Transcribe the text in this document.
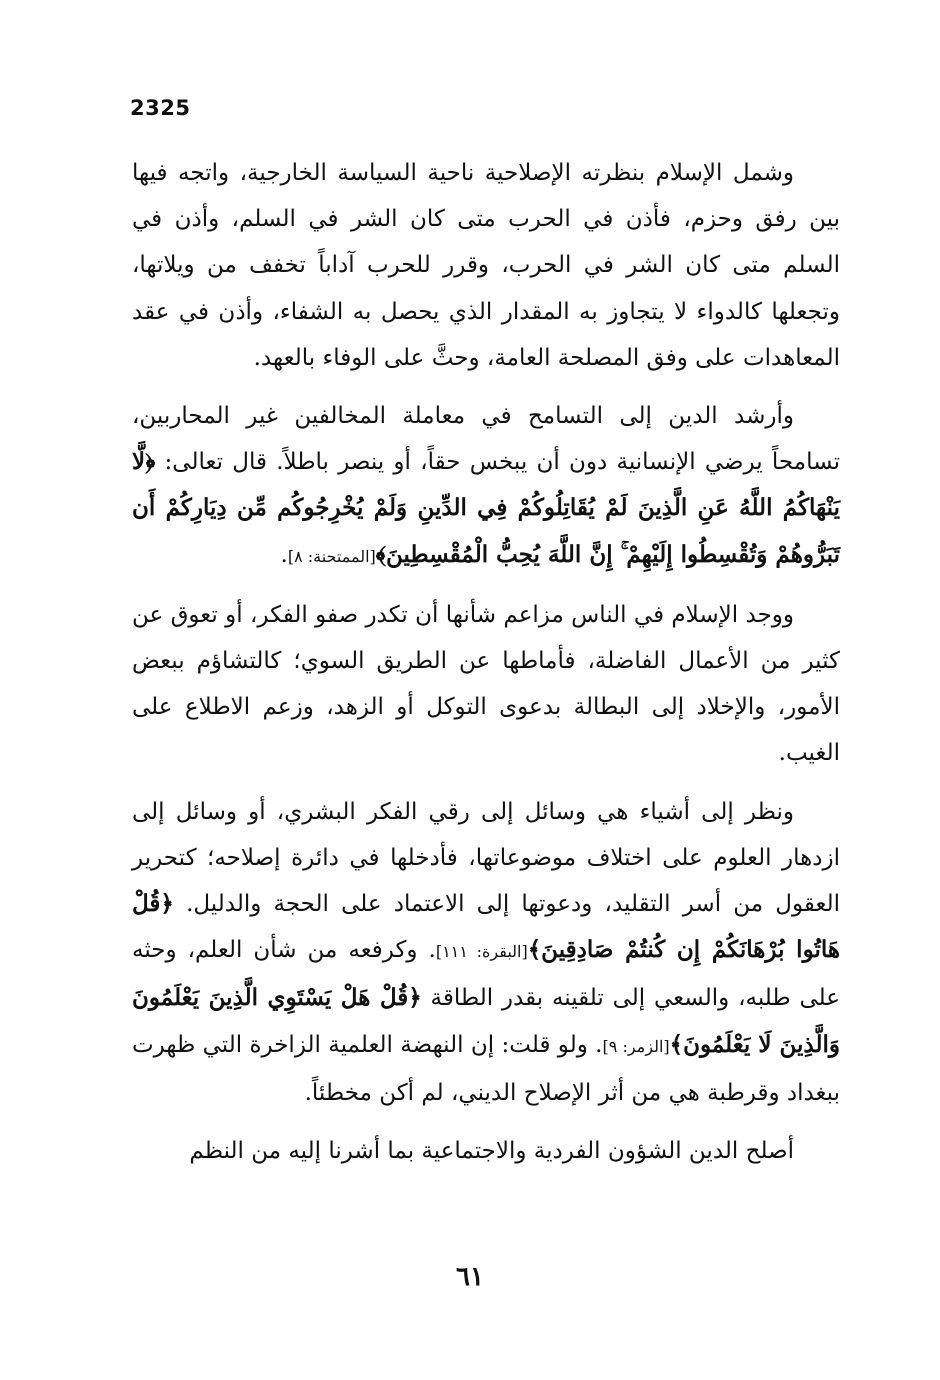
2325

وشمل الإسلام بنظرته الإصلاحية ناحية السياسة الخارجية، واتجه فيها بين رفق وحزم، فأذن في الحرب متى كان الشر في السلم، وأذن في السلم متى كان الشر في الحرب، وقرر للحرب آداباً تخفف من ويلاتها، وتجعلها كالدواء لا يتجاوز به المقدار الذي يحصل به الشفاء، وأذن في عقد المعاهدات على وفق المصلحة العامة، وحثَّ على الوفاء بالعهد.

وأرشد الدين إلى التسامح في معاملة المخالفين غير المحاربين، تسامحاً يرضي الإنسانية دون أن يبخس حقاً، أو ينصر باطلاً. قال تعالى: ﴿لَّا يَنْهَاكُمُ اللَّهُ عَنِ الَّذِينَ لَمْ يُقَاتِلُوكُمْ فِي الدِّينِ وَلَمْ يُخْرِجُوكُم مِّن دِيَارِكُمْ أَن تَبَرُّوهُمْ وَتُقْسِطُوا إِلَيْهِمْ ۚ إِنَّ اللَّهَ يُحِبُّ الْمُقْسِطِينَ﴾[الممتحنة: ٨].

ووجد الإسلام في الناس مزاعم شأنها أن تكدر صفو الفكر، أو تعوق عن كثير من الأعمال الفاضلة، فأماطها عن الطريق السوي؛ كالتشاؤم ببعض الأمور، والإخلاد إلى البطالة بدعوى التوكل أو الزهد، وزعم الاطلاع على الغيب.

ونظر إلى أشياء هي وسائل إلى رقي الفكر البشري، أو وسائل إلى ازدهار العلوم على اختلاف موضوعاتها، فأدخلها في دائرة إصلاحه؛ كتحرير العقول من أسر التقليد، ودعوتها إلى الاعتماد على الحجة والدليل. ﴿قُلْ هَاتُوا بُرْهَانَكُمْ إِن كُنتُمْ صَادِقِينَ﴾[البقرة: ١١١]. وكرفعه من شأن العلم، وحثه على طلبه، والسعي إلى تلقينه بقدر الطاقة ﴿قُلْ هَلْ يَسْتَوِي الَّذِينَ يَعْلَمُونَ وَالَّذِينَ لَا يَعْلَمُونَ﴾[الزمر: ٩]. ولو قلت: إن النهضة العلمية الزاخرة التي ظهرت ببغداد وقرطبة هي من أثر الإصلاح الديني، لم أكن مخطئاً.

أصلح الدين الشؤون الفردية والاجتماعية بما أشرنا إليه من النظم

٦١
